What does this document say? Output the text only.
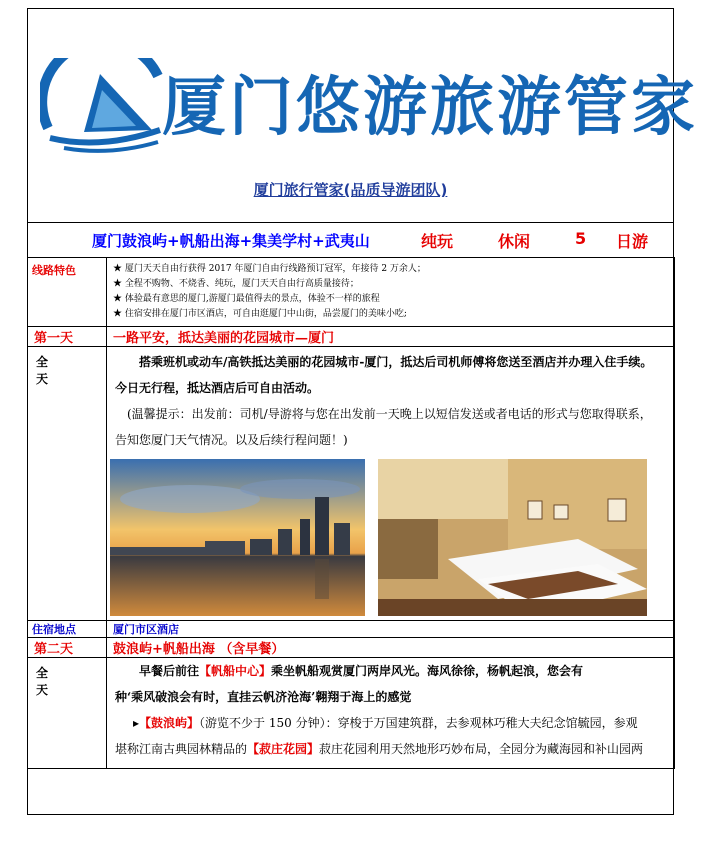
厦门悠游旅游管家
厦门旅行管家(品质导游团队)
厦门鼓浪屿+帆船出海+集美学村+武夷山	纯玩	休闲	5 日游
线路特色	★ 厦门天天自由行获得 2017 年厦门自由行线路预订冠军，年接待 2 万余人；
★ 全程不购物、不烧香、纯玩，厦门天天自由行高质量接待；
★ 体验最有意思的厦门,游厦门最值得去的景点，体验不一样的旅程
★ 住宿安排在厦门市区酒店，可自由逛厦门中山街，品尝厦门的美味小吃;

第一天	一路平安，抵达美丽的花园城市—厦门
全 天	搭乘班机或动车/高铁抵达美丽的花园城市-厦门，抵达后司机师傅将您送至酒店并办理入住手续。
今日无行程，抵达酒店后可自由活动。
(温馨提示：出发前：司机/导游将与您在出发前一天晚上以短信发送或者电话的形式与您取得联系，
告知您厦门天气情况。以及后续行程问题！)

住宿地点	厦门市区酒店
第二天	鼓浪屿+帆船出海 （含早餐）
全 天	早餐后前往【帆船中心】乘坐帆船观赏厦门两岸风光。海风徐徐，杨帆起浪，您会有
种‘乘风破浪会有时，直挂云帆济沧海’翱翔于海上的感觉
▸【鼓浪屿】（游览不少于 150 分钟）：穿梭于万国建筑群，去参观林巧稚大夫纪念馆毓园，参观
堪称江南古典园林精品的【菽庄花园】菽庄花园利用天然地形巧妙布局，全园分为藏海园和补山园两
